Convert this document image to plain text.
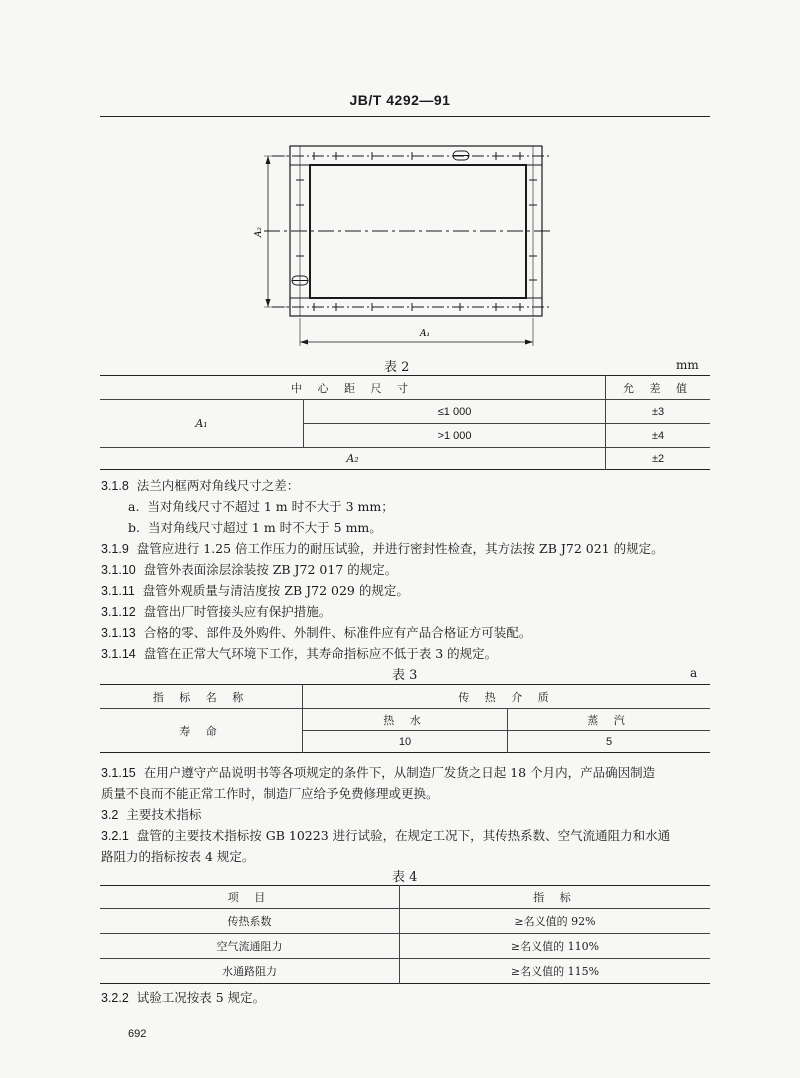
JB/T 4292—91
A₂
A₁
表 2	mm
中 心 距 尺 寸		允 差 值
A₁	≤1 000	±3
	>1 000	±4
A₂		±2
3.1.8 法兰内框两对角线尺寸之差：
a. 当对角线尺寸不超过 1 m 时不大于 3 mm；
b. 当对角线尺寸超过 1 m 时不大于 5 mm。
3.1.9 盘管应进行 1.25 倍工作压力的耐压试验，并进行密封性检查，其方法按 ZB J72 021 的规定。
3.1.10 盘管外表面涂层涂装按 ZB J72 017 的规定。
3.1.11 盘管外观质量与清洁度按 ZB J72 029 的规定。
3.1.12 盘管出厂时管接头应有保护措施。
3.1.13 合格的零、部件及外购件、外制件、标准件应有产品合格证方可装配。
3.1.14 盘管在正常大气环境下工作，其寿命指标应不低于表 3 的规定。
表 3	a
指 标 名 称	传 热 介 质	
寿 命	热 水	蒸 汽
	10	5
3.1.15 在用户遵守产品说明书等各项规定的条件下，从制造厂发货之日起 18 个月内，产品确因制造
质量不良而不能正常工作时，制造厂应给予免费修理或更换。
3.2 主要技术指标
3.2.1 盘管的主要技术指标按 GB 10223 进行试验，在规定工况下，其传热系数、空气流通阻力和水通
路阻力的指标按表 4 规定。
表 4
项 目	指 标
传热系数	≥名义值的 92%
空气流通阻力	≥名义值的 110%
水通路阻力	≥名义值的 115%
3.2.2 试验工况按表 5 规定。
692
